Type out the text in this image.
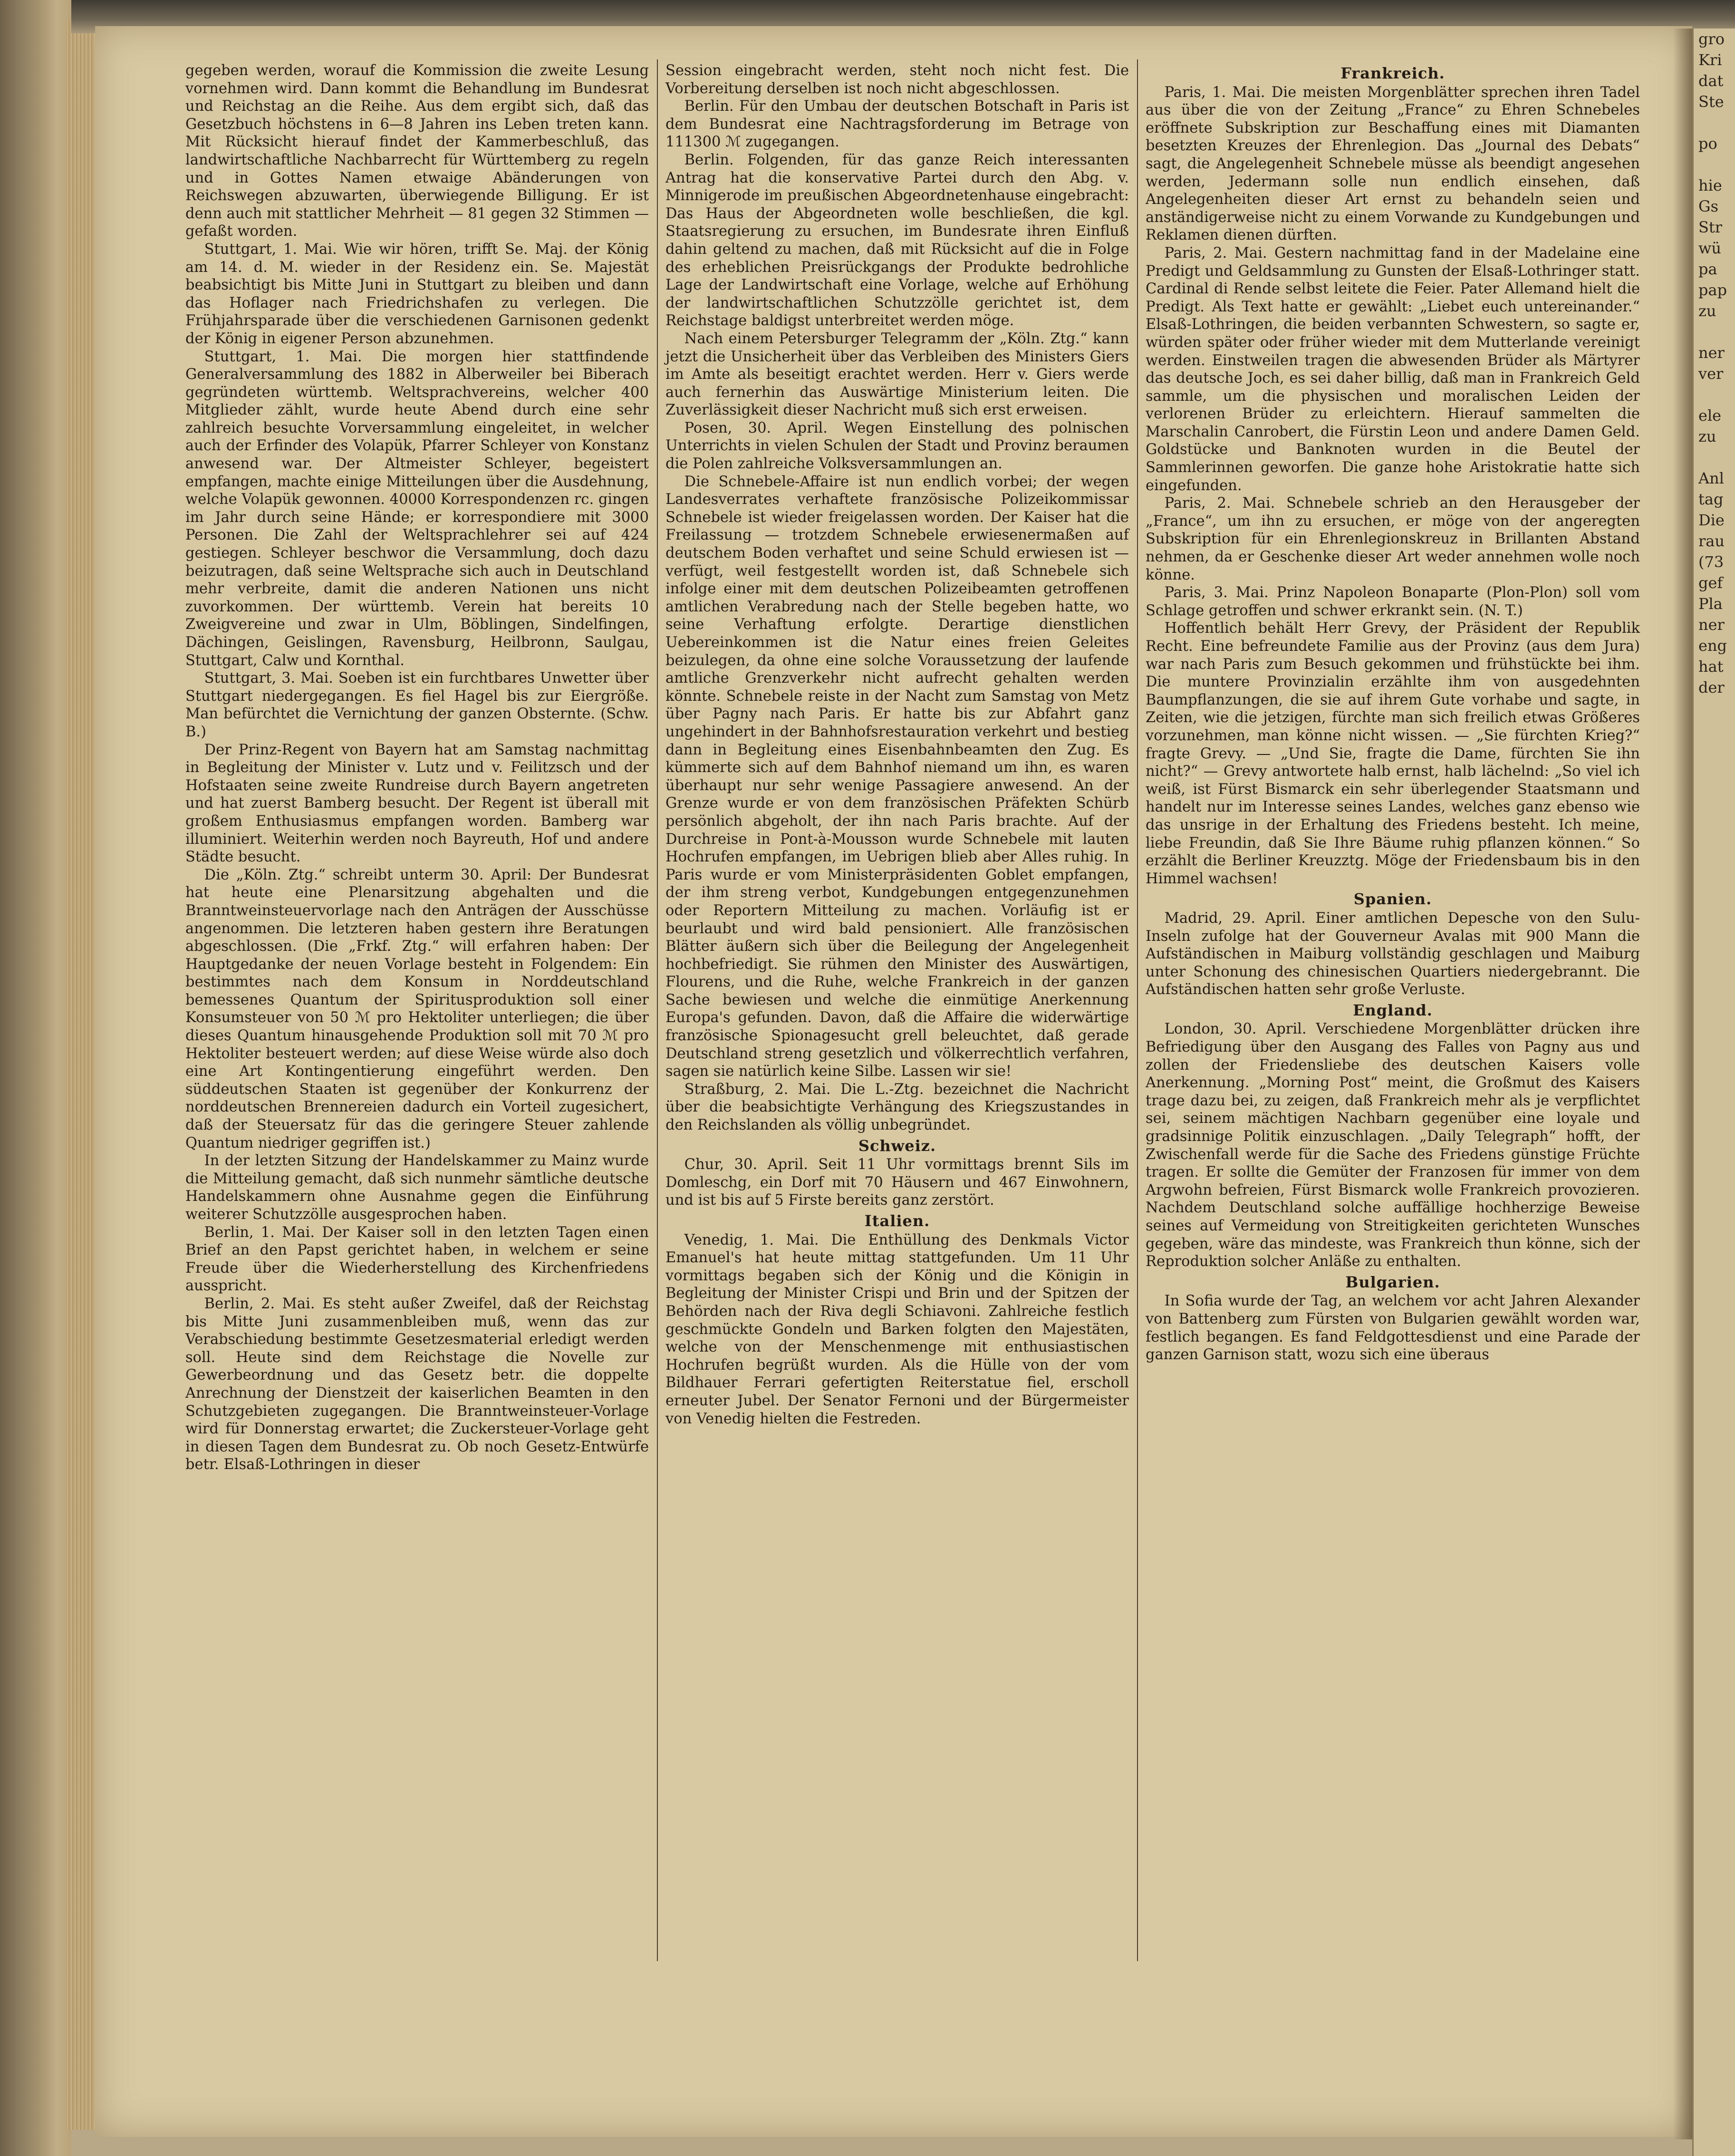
gro
Kri
dat
Ste

po

hie
Gs
Str
wü
pa
pap
zu

ner
ver

ele
zu

Anl
tag
Die
rau
(73
gef
Pla
ner
eng
hat
der

gegeben werden, worauf die Kommission die zweite Lesung vornehmen wird. Dann kommt die Behandlung im Bundesrat und Reichstag an die Reihe. Aus dem ergibt sich, daß das Gesetzbuch höchstens in 6—8 Jahren ins Leben treten kann. Mit Rücksicht hierauf findet der Kammerbeschluß, das landwirtschaftliche Nachbarrecht für Württemberg zu regeln und in Gottes Namen etwaige Abänderungen von Reichswegen abzuwarten, überwiegende Billigung. Er ist denn auch mit stattlicher Mehrheit — 81 gegen 32 Stimmen — gefaßt worden.

Stuttgart, 1. Mai. Wie wir hören, trifft Se. Maj. der König am 14. d. M. wieder in der Residenz ein. Se. Majestät beabsichtigt bis Mitte Juni in Stuttgart zu bleiben und dann das Hoflager nach Friedrichshafen zu verlegen. Die Frühjahrsparade über die verschiedenen Garnisonen gedenkt der König in eigener Person abzunehmen.

Stuttgart, 1. Mai. Die morgen hier stattfindende Generalversammlung des 1882 in Alberweiler bei Biberach gegründeten württemb. Weltsprachvereins, welcher 400 Mitglieder zählt, wurde heute Abend durch eine sehr zahlreich besuchte Vorversammlung eingeleitet, in welcher auch der Erfinder des Volapük, Pfarrer Schleyer von Konstanz anwesend war. Der Altmeister Schleyer, begeistert empfangen, machte einige Mitteilungen über die Ausdehnung, welche Volapük gewonnen. 40000 Korrespondenzen rc. gingen im Jahr durch seine Hände; er korrespondiere mit 3000 Personen. Die Zahl der Weltsprachlehrer sei auf 424 gestiegen. Schleyer beschwor die Versammlung, doch dazu beizutragen, daß seine Weltsprache sich auch in Deutschland mehr verbreite, damit die anderen Nationen uns nicht zuvorkommen. Der württemb. Verein hat bereits 10 Zweigvereine und zwar in Ulm, Böblingen, Sindelfingen, Dächingen, Geislingen, Ravensburg, Heilbronn, Saulgau, Stuttgart, Calw und Kornthal.

Stuttgart, 3. Mai. Soeben ist ein furchtbares Unwetter über Stuttgart niedergegangen. Es fiel Hagel bis zur Eiergröße. Man befürchtet die Vernichtung der ganzen Obsternte. (Schw. B.)

Der Prinz-Regent von Bayern hat am Samstag nachmittag in Begleitung der Minister v. Lutz und v. Feilitzsch und der Hofstaaten seine zweite Rundreise durch Bayern angetreten und hat zuerst Bamberg besucht. Der Regent ist überall mit großem Enthusiasmus empfangen worden. Bamberg war illuminiert. Weiterhin werden noch Bayreuth, Hof und andere Städte besucht.

Die „Köln. Ztg.“ schreibt unterm 30. April: Der Bundesrat hat heute eine Plenarsitzung abgehalten und die Branntweinsteuervorlage nach den Anträgen der Ausschüsse angenommen. Die letzteren haben gestern ihre Beratungen abgeschlossen. (Die „Frkf. Ztg.“ will erfahren haben: Der Hauptgedanke der neuen Vorlage besteht in Folgendem: Ein bestimmtes nach dem Konsum in Norddeutschland bemessenes Quantum der Spiritusproduktion soll einer Konsumsteuer von 50 ℳ pro Hektoliter unterliegen; die über dieses Quantum hinausgehende Produktion soll mit 70 ℳ pro Hektoliter besteuert werden; auf diese Weise würde also doch eine Art Kontingentierung eingeführt werden. Den süddeutschen Staaten ist gegenüber der Konkurrenz der norddeutschen Brennereien dadurch ein Vorteil zugesichert, daß der Steuersatz für das die geringere Steuer zahlende Quantum niedriger gegriffen ist.)

In der letzten Sitzung der Handelskammer zu Mainz wurde die Mitteilung gemacht, daß sich nunmehr sämtliche deutsche Handelskammern ohne Ausnahme gegen die Einführung weiterer Schutzzölle ausgesprochen haben.

Berlin, 1. Mai. Der Kaiser soll in den letzten Tagen einen Brief an den Papst gerichtet haben, in welchem er seine Freude über die Wiederherstellung des Kirchenfriedens ausspricht.

Berlin, 2. Mai. Es steht außer Zweifel, daß der Reichstag bis Mitte Juni zusammenbleiben muß, wenn das zur Verabschiedung bestimmte Gesetzesmaterial erledigt werden soll. Heute sind dem Reichstage die Novelle zur Gewerbeordnung und das Gesetz betr. die doppelte Anrechnung der Dienstzeit der kaiserlichen Beamten in den Schutzgebieten zugegangen. Die Branntweinsteuer-Vorlage wird für Donnerstag erwartet; die Zuckersteuer-Vorlage geht in diesen Tagen dem Bundesrat zu. Ob noch Gesetz-Entwürfe betr. Elsaß-Lothringen in dieser

Session eingebracht werden, steht noch nicht fest. Die Vorbereitung derselben ist noch nicht abgeschlossen.

Berlin. Für den Umbau der deutschen Botschaft in Paris ist dem Bundesrat eine Nachtragsforderung im Betrage von 111300 ℳ zugegangen.

Berlin. Folgenden, für das ganze Reich interessanten Antrag hat die konservative Partei durch den Abg. v. Minnigerode im preußischen Abgeordnetenhause eingebracht: Das Haus der Abgeordneten wolle beschließen, die kgl. Staatsregierung zu ersuchen, im Bundesrate ihren Einfluß dahin geltend zu machen, daß mit Rücksicht auf die in Folge des erheblichen Preisrückgangs der Produkte bedrohliche Lage der Landwirtschaft eine Vorlage, welche auf Erhöhung der landwirtschaftlichen Schutzzölle gerichtet ist, dem Reichstage baldigst unterbreitet werden möge.

Nach einem Petersburger Telegramm der „Köln. Ztg.“ kann jetzt die Unsicherheit über das Verbleiben des Ministers Giers im Amte als beseitigt erachtet werden. Herr v. Giers werde auch fernerhin das Auswärtige Ministerium leiten. Die Zuverlässigkeit dieser Nachricht muß sich erst erweisen.

Posen, 30. April. Wegen Einstellung des polnischen Unterrichts in vielen Schulen der Stadt und Provinz beraumen die Polen zahlreiche Volksversammlungen an.

Die Schnebele-Affaire ist nun endlich vorbei; der wegen Landesverrates verhaftete französische Polizeikommissar Schnebele ist wieder freigelassen worden. Der Kaiser hat die Freilassung — trotzdem Schnebele erwiesenermaßen auf deutschem Boden verhaftet und seine Schuld erwiesen ist — verfügt, weil festgestellt worden ist, daß Schnebele sich infolge einer mit dem deutschen Polizeibeamten getroffenen amtlichen Verabredung nach der Stelle begeben hatte, wo seine Verhaftung erfolgte. Derartige dienstlichen Uebereinkommen ist die Natur eines freien Geleites beizulegen, da ohne eine solche Voraussetzung der laufende amtliche Grenzverkehr nicht aufrecht gehalten werden könnte. Schnebele reiste in der Nacht zum Samstag von Metz über Pagny nach Paris. Er hatte bis zur Abfahrt ganz ungehindert in der Bahnhofsrestauration verkehrt und bestieg dann in Begleitung eines Eisenbahnbeamten den Zug. Es kümmerte sich auf dem Bahnhof niemand um ihn, es waren überhaupt nur sehr wenige Passagiere anwesend. An der Grenze wurde er von dem französischen Präfekten Schürb persönlich abgeholt, der ihn nach Paris brachte. Auf der Durchreise in Pont-à-Mousson wurde Schnebele mit lauten Hochrufen empfangen, im Uebrigen blieb aber Alles ruhig. In Paris wurde er vom Ministerpräsidenten Goblet empfangen, der ihm streng verbot, Kundgebungen entgegenzunehmen oder Reportern Mitteilung zu machen. Vorläufig ist er beurlaubt und wird bald pensioniert. Alle französischen Blätter äußern sich über die Beilegung der Angelegenheit hochbefriedigt. Sie rühmen den Minister des Auswärtigen, Flourens, und die Ruhe, welche Frankreich in der ganzen Sache bewiesen und welche die einmütige Anerkennung Europa's gefunden. Davon, daß die Affaire die widerwärtige französische Spionagesucht grell beleuchtet, daß gerade Deutschland streng gesetzlich und völkerrechtlich verfahren, sagen sie natürlich keine Silbe. Lassen wir sie!

Straßburg, 2. Mai. Die L.-Ztg. bezeichnet die Nachricht über die beabsichtigte Verhängung des Kriegszustandes in den Reichslanden als völlig unbegründet.

Schweiz.

Chur, 30. April. Seit 11 Uhr vormittags brennt Sils im Domleschg, ein Dorf mit 70 Häusern und 467 Einwohnern, und ist bis auf 5 Firste bereits ganz zerstört.

Italien.

Venedig, 1. Mai. Die Enthüllung des Denkmals Victor Emanuel's hat heute mittag stattgefunden. Um 11 Uhr vormittags begaben sich der König und die Königin in Begleitung der Minister Crispi und Brin und der Spitzen der Behörden nach der Riva degli Schiavoni. Zahlreiche festlich geschmückte Gondeln und Barken folgten den Majestäten, welche von der Menschenmenge mit enthusiastischen Hochrufen begrüßt wurden. Als die Hülle von der vom Bildhauer Ferrari gefertigten Reiterstatue fiel, erscholl erneuter Jubel. Der Senator Fernoni und der Bürgermeister von Venedig hielten die Festreden.

Frankreich.

Paris, 1. Mai. Die meisten Morgenblätter sprechen ihren Tadel aus über die von der Zeitung „France“ zu Ehren Schnebeles eröffnete Subskription zur Beschaffung eines mit Diamanten besetzten Kreuzes der Ehrenlegion. Das „Journal des Debats“ sagt, die Angelegenheit Schnebele müsse als beendigt angesehen werden, Jedermann solle nun endlich einsehen, daß Angelegenheiten dieser Art ernst zu behandeln seien und anständigerweise nicht zu einem Vorwande zu Kundgebungen und Reklamen dienen dürften.

Paris, 2. Mai. Gestern nachmittag fand in der Madelaine eine Predigt und Geldsammlung zu Gunsten der Elsaß-Lothringer statt. Cardinal di Rende selbst leitete die Feier. Pater Allemand hielt die Predigt. Als Text hatte er gewählt: „Liebet euch untereinander.“ Elsaß-Lothringen, die beiden verbannten Schwestern, so sagte er, würden später oder früher wieder mit dem Mutterlande vereinigt werden. Einstweilen tragen die abwesenden Brüder als Märtyrer das deutsche Joch, es sei daher billig, daß man in Frankreich Geld sammle, um die physischen und moralischen Leiden der verlorenen Brüder zu erleichtern. Hierauf sammelten die Marschalin Canrobert, die Fürstin Leon und andere Damen Geld. Goldstücke und Banknoten wurden in die Beutel der Sammlerinnen geworfen. Die ganze hohe Aristokratie hatte sich eingefunden.

Paris, 2. Mai. Schnebele schrieb an den Herausgeber der „France“, um ihn zu ersuchen, er möge von der angeregten Subskription für ein Ehrenlegionskreuz in Brillanten Abstand nehmen, da er Geschenke dieser Art weder annehmen wolle noch könne.

Paris, 3. Mai. Prinz Napoleon Bonaparte (Plon-Plon) soll vom Schlage getroffen und schwer erkrankt sein. (N. T.)

Hoffentlich behält Herr Grevy, der Präsident der Republik Recht. Eine befreundete Familie aus der Provinz (aus dem Jura) war nach Paris zum Besuch gekommen und frühstückte bei ihm. Die muntere Provinzialin erzählte ihm von ausgedehnten Baumpflanzungen, die sie auf ihrem Gute vorhabe und sagte, in Zeiten, wie die jetzigen, fürchte man sich freilich etwas Größeres vorzunehmen, man könne nicht wissen. — „Sie fürchten Krieg?“ fragte Grevy. — „Und Sie, fragte die Dame, fürchten Sie ihn nicht?“ — Grevy antwortete halb ernst, halb lächelnd: „So viel ich weiß, ist Fürst Bismarck ein sehr überlegender Staatsmann und handelt nur im Interesse seines Landes, welches ganz ebenso wie das unsrige in der Erhaltung des Friedens besteht. Ich meine, liebe Freundin, daß Sie Ihre Bäume ruhig pflanzen können.“ So erzählt die Berliner Kreuzztg. Möge der Friedensbaum bis in den Himmel wachsen!

Spanien.

Madrid, 29. April. Einer amtlichen Depesche von den Sulu-Inseln zufolge hat der Gouverneur Avalas mit 900 Mann die Aufständischen in Maiburg vollständig geschlagen und Maiburg unter Schonung des chinesischen Quartiers niedergebrannt. Die Aufständischen hatten sehr große Verluste.

England.

London, 30. April. Verschiedene Morgenblätter drücken ihre Befriedigung über den Ausgang des Falles von Pagny aus und zollen der Friedensliebe des deutschen Kaisers volle Anerkennung. „Morning Post“ meint, die Großmut des Kaisers trage dazu bei, zu zeigen, daß Frankreich mehr als je verpflichtet sei, seinem mächtigen Nachbarn gegenüber eine loyale und gradsinnige Politik einzuschlagen. „Daily Telegraph“ hofft, der Zwischenfall werde für die Sache des Friedens günstige Früchte tragen. Er sollte die Gemüter der Franzosen für immer von dem Argwohn befreien, Fürst Bismarck wolle Frankreich provozieren. Nachdem Deutschland solche auffällige hochherzige Beweise seines auf Vermeidung von Streitigkeiten gerichteten Wunsches gegeben, wäre das mindeste, was Frankreich thun könne, sich der Reproduktion solcher Anläße zu enthalten.

Bulgarien.

In Sofia wurde der Tag, an welchem vor acht Jahren Alexander von Battenberg zum Fürsten von Bulgarien gewählt worden war, festlich begangen. Es fand Feldgottesdienst und eine Parade der ganzen Garnison statt, wozu sich eine überaus
